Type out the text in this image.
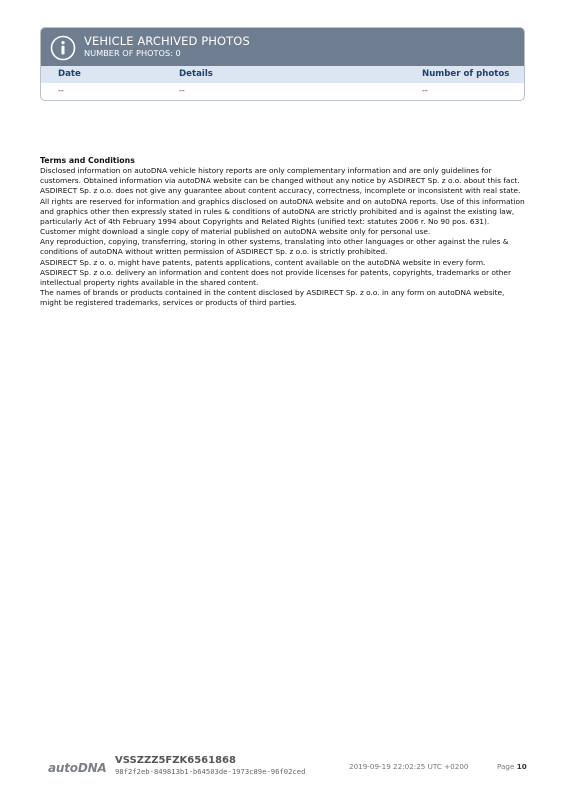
VEHICLE ARCHIVED PHOTOS
NUMBER OF PHOTOS: 0
Date	Details	Number of photos
--	--	--

Terms and Conditions

Disclosed information on autoDNA vehicle history reports are only complementary information and are only guidelines for customers. Obtained information via autoDNA website can be changed without any notice by ASDIRECT Sp. z o.o. about this fact.

ASDIRECT Sp. z o.o. does not give any guarantee about content accuracy, correctness, incomplete or inconsistent with real state.

All rights are reserved for information and graphics disclosed on autoDNA website and on autoDNA reports. Use of this information and graphics other then expressly stated in rules & conditions of autoDNA are strictly prohibited and is against the existing law, particularly Act of 4th February 1994 about Copyrights and Related Rights (unified text: statutes 2006 r. No 90 pos. 631).

Customer might download a single copy of material published on autoDNA website only for personal use.

Any reproduction, copying, transferring, storing in other systems, translating into other languages or other against the rules & conditions of autoDNA without written permission of ASDIRECT Sp. z o.o. is strictly prohibited.

ASDIRECT Sp. z o. o. might have patents, patents applications, content available on the autoDNA website in every form.

ASDIRECT Sp. z o.o. delivery an information and content does not provide licenses for patents, copyrights, trademarks or other intellectual property rights available in the shared content.

The names of brands or products contained in the content disclosed by ASDIRECT Sp. z o.o. in any form on autoDNA website, might be registered trademarks, services or products of third parties.

autoDNA
VSSZZZ5FZK6561868
98f2f2eb-849813b1-b64503de-1973c89e-96f02ced
2019-09-19 22:02:25 UTC +0200	Page 10
